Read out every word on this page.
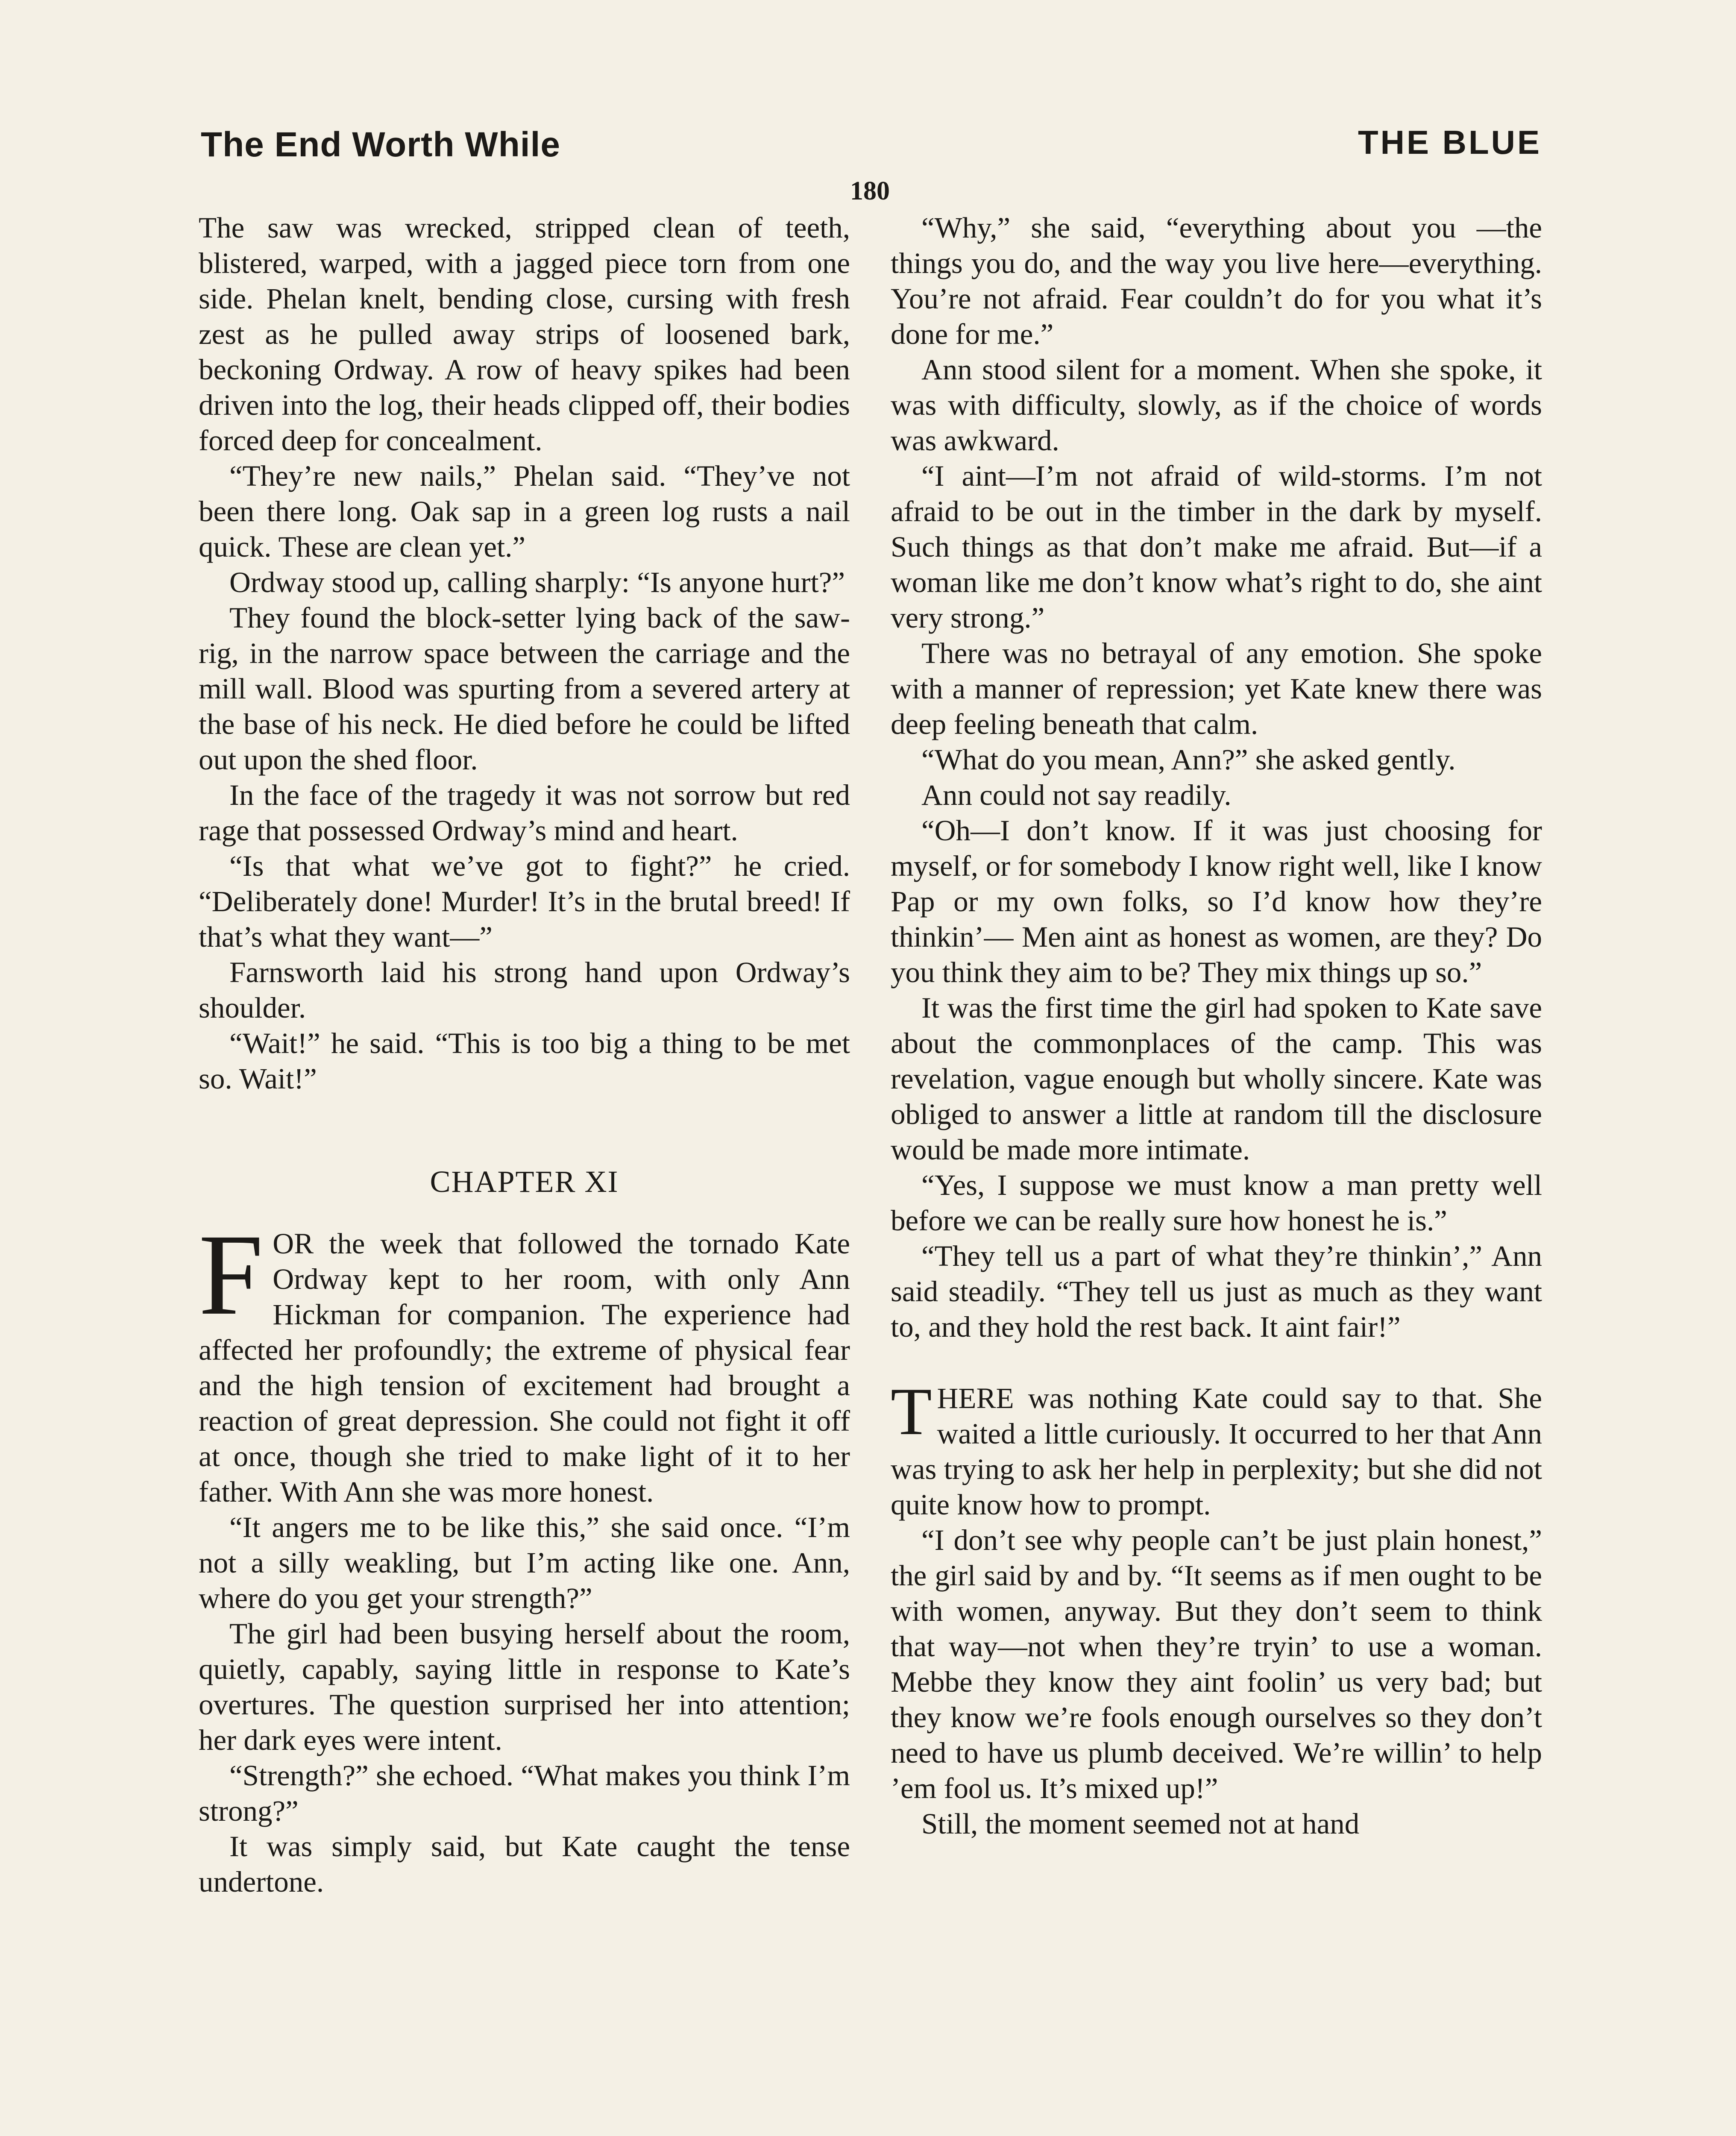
The End Worth While	THE BLUE
180

The saw was wrecked, stripped clean of teeth, blistered, warped, with a jagged piece torn from one side. Phelan knelt, bending close, cursing with fresh zest as he pulled away strips of loosened bark, beckoning Ordway. A row of heavy spikes had been driven into the log, their heads clipped off, their bodies forced deep for concealment.

“They’re new nails,” Phelan said. “They’ve not been there long. Oak sap in a green log rusts a nail quick. These are clean yet.”

Ordway stood up, calling sharply: “Is anyone hurt?”

They found the block-setter lying back of the saw-rig, in the narrow space between the carriage and the mill wall. Blood was spurting from a severed artery at the base of his neck. He died before he could be lifted out upon the shed floor.

In the face of the tragedy it was not sorrow but red rage that possessed Ordway’s mind and heart.

“Is that what we’ve got to fight?” he cried. “Deliberately done! Murder! It’s in the brutal breed! If that’s what they want—”

Farnsworth laid his strong hand upon Ordway’s shoulder.

“Wait!” he said. “This is too big a thing to be met so. Wait!”

CHAPTER XI

FOR the week that followed the tornado Kate Ordway kept to her room, with only Ann Hickman for companion. The experience had affected her profoundly; the extreme of physical fear and the high tension of excitement had brought a reaction of great depression. She could not fight it off at once, though she tried to make light of it to her father. With Ann she was more honest.

“It angers me to be like this,” she said once. “I’m not a silly weakling, but I’m acting like one. Ann, where do you get your strength?”

The girl had been busying herself about the room, quietly, capably, saying little in response to Kate’s overtures. The question surprised her into attention; her dark eyes were intent.

“Strength?” she echoed. “What makes you think I’m strong?”

It was simply said, but Kate caught the tense undertone.

“Why,” she said, “everything about you —the things you do, and the way you live here—everything. You’re not afraid. Fear couldn’t do for you what it’s done for me.”

Ann stood silent for a moment. When she spoke, it was with difficulty, slowly, as if the choice of words was awkward.

“I aint—I’m not afraid of wild-storms. I’m not afraid to be out in the timber in the dark by myself. Such things as that don’t make me afraid. But—if a woman like me don’t know what’s right to do, she aint very strong.”

There was no betrayal of any emotion. She spoke with a manner of repression; yet Kate knew there was deep feeling beneath that calm.

“What do you mean, Ann?” she asked gently.

Ann could not say readily.

“Oh—I don’t know. If it was just choosing for myself, or for somebody I know right well, like I know Pap or my own folks, so I’d know how they’re thinkin’— Men aint as honest as women, are they? Do you think they aim to be? They mix things up so.”

It was the first time the girl had spoken to Kate save about the commonplaces of the camp. This was revelation, vague enough but wholly sincere. Kate was obliged to answer a little at random till the disclosure would be made more intimate.

“Yes, I suppose we must know a man pretty well before we can be really sure how honest he is.”

“They tell us a part of what they’re thinkin’,” Ann said steadily. “They tell us just as much as they want to, and they hold the rest back. It aint fair!”

THERE was nothing Kate could say to that. She waited a little curiously. It occurred to her that Ann was trying to ask her help in perplexity; but she did not quite know how to prompt.

“I don’t see why people can’t be just plain honest,” the girl said by and by. “It seems as if men ought to be with women, anyway. But they don’t seem to think that way—not when they’re tryin’ to use a woman. Mebbe they know they aint foolin’ us very bad; but they know we’re fools enough ourselves so they don’t need to have us plumb deceived. We’re willin’ to help ’em fool us. It’s mixed up!”

Still, the moment seemed not at hand
